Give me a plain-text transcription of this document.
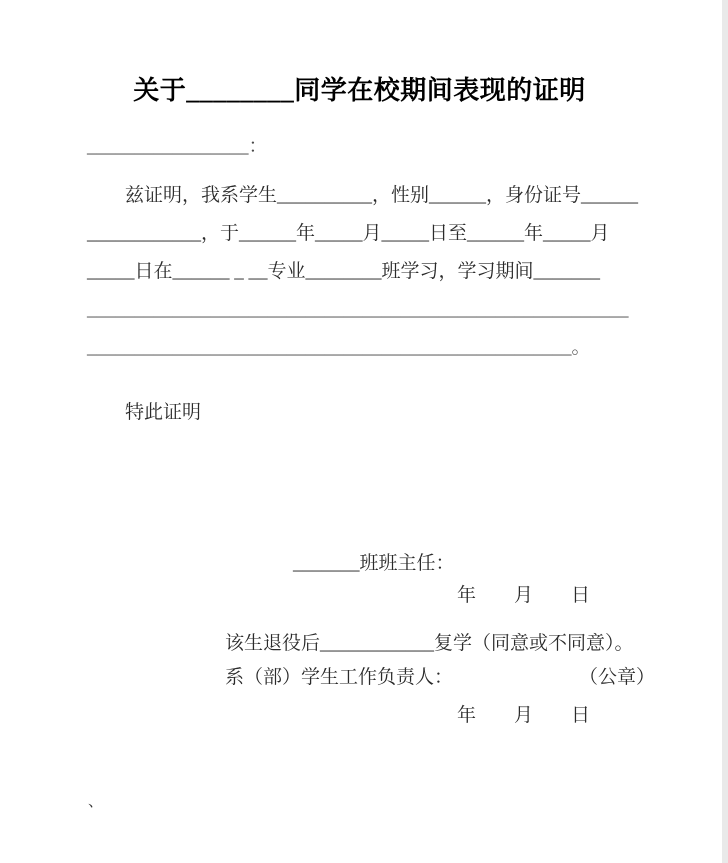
关于________同学在校期间表现的证明
_________________：
兹证明，我系学生__________，性别______，身份证号______
____________，于______年_____月_____日至______年_____月
_____日在______ _ __专业________班学习，学习期间_______
_________________________________________________________
___________________________________________________。
特此证明
_______班班主任：
年　　月　　日
该生退役后____________复学（同意或不同意）。
系（部）学生工作负责人：	（公章）
年　　月　　日
、
